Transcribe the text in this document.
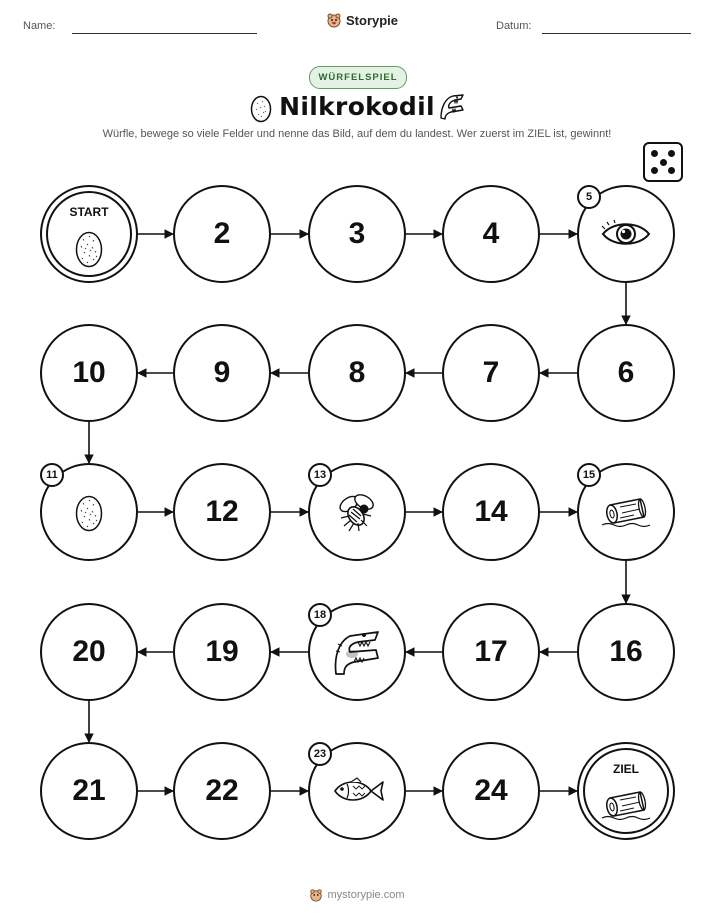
Name:	Storypie	Datum:
WÜRFELSPIEL
Nilkrokodil
Würfle, bewege so viele Felder und nenne das Bild, auf dem du landest. Wer zuerst im ZIEL ist, gewinnt!
START
2	3	4
5
6
7
8
9
10
11
12
13
14
15
16
17
18
19
20
21	22
23
24
ZIEL
mystorypie.com
